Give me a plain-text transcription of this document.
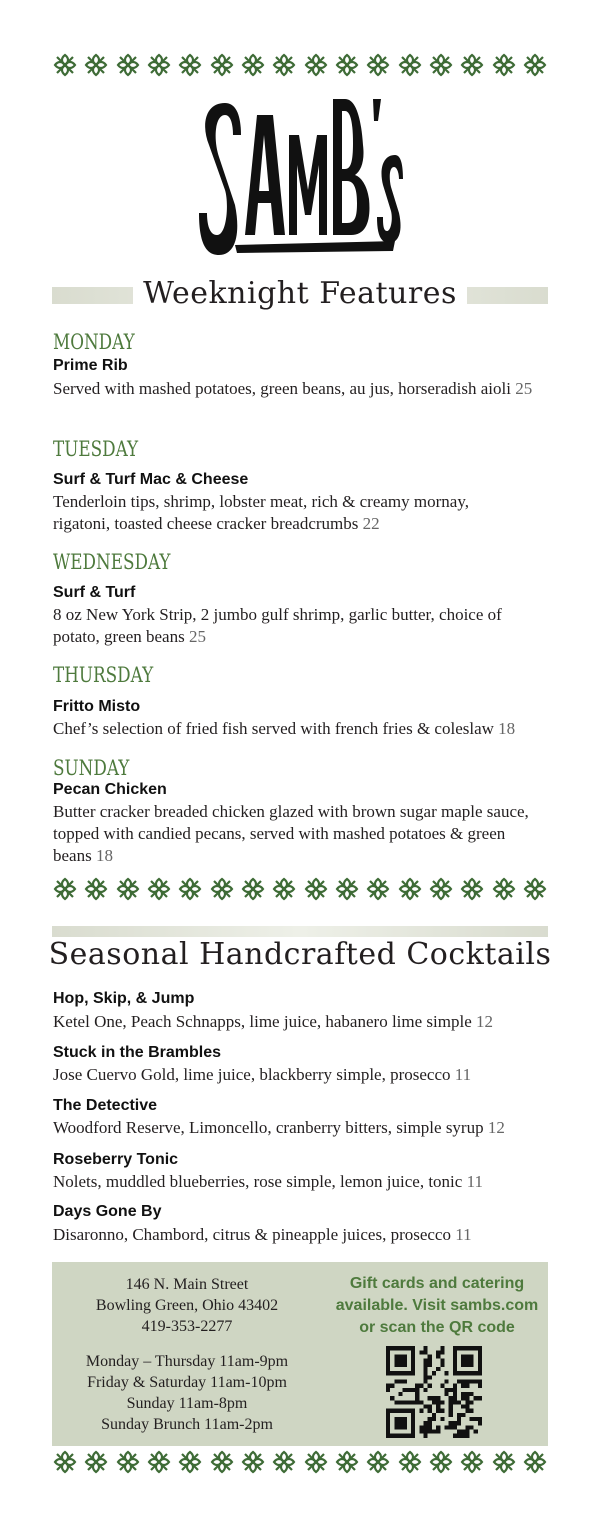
Weeknight Features
MONDAY
Prime Rib
Served with mashed potatoes, green beans, au jus, horseradish aioli 25
TUESDAY
Surf & Turf Mac & Cheese
Tenderloin tips, shrimp, lobster meat, rich & creamy mornay, rigatoni, toasted cheese cracker breadcrumbs 22
WEDNESDAY
Surf & Turf
8 oz New York Strip, 2 jumbo gulf shrimp, garlic butter, choice of potato, green beans 25
THURSDAY
Fritto Misto
Chef’s selection of fried fish served with french fries & coleslaw 18
SUNDAY
Pecan Chicken
Butter cracker breaded chicken glazed with brown sugar maple sauce, topped with candied pecans, served with mashed potatoes & green beans 18
Seasonal Handcrafted Cocktails
Hop, Skip, & Jump
Ketel One, Peach Schnapps, lime juice, habanero lime simple 12
Stuck in the Brambles
Jose Cuervo Gold, lime juice, blackberry simple, prosecco 11
The Detective
Woodford Reserve, Limoncello, cranberry bitters, simple syrup 12
Roseberry Tonic
Nolets, muddled blueberries, rose simple, lemon juice, tonic 11
Days Gone By
Disaronno, Chambord, citrus & pineapple juices, prosecco 11
146 N. Main Street
Bowling Green, Ohio 43402
419-353-2277
Monday – Thursday 11am-9pm
Friday & Saturday 11am-10pm
Sunday 11am-8pm
Sunday Brunch 11am-2pm
Gift cards and catering
available. Visit sambs.com
or scan the QR code
